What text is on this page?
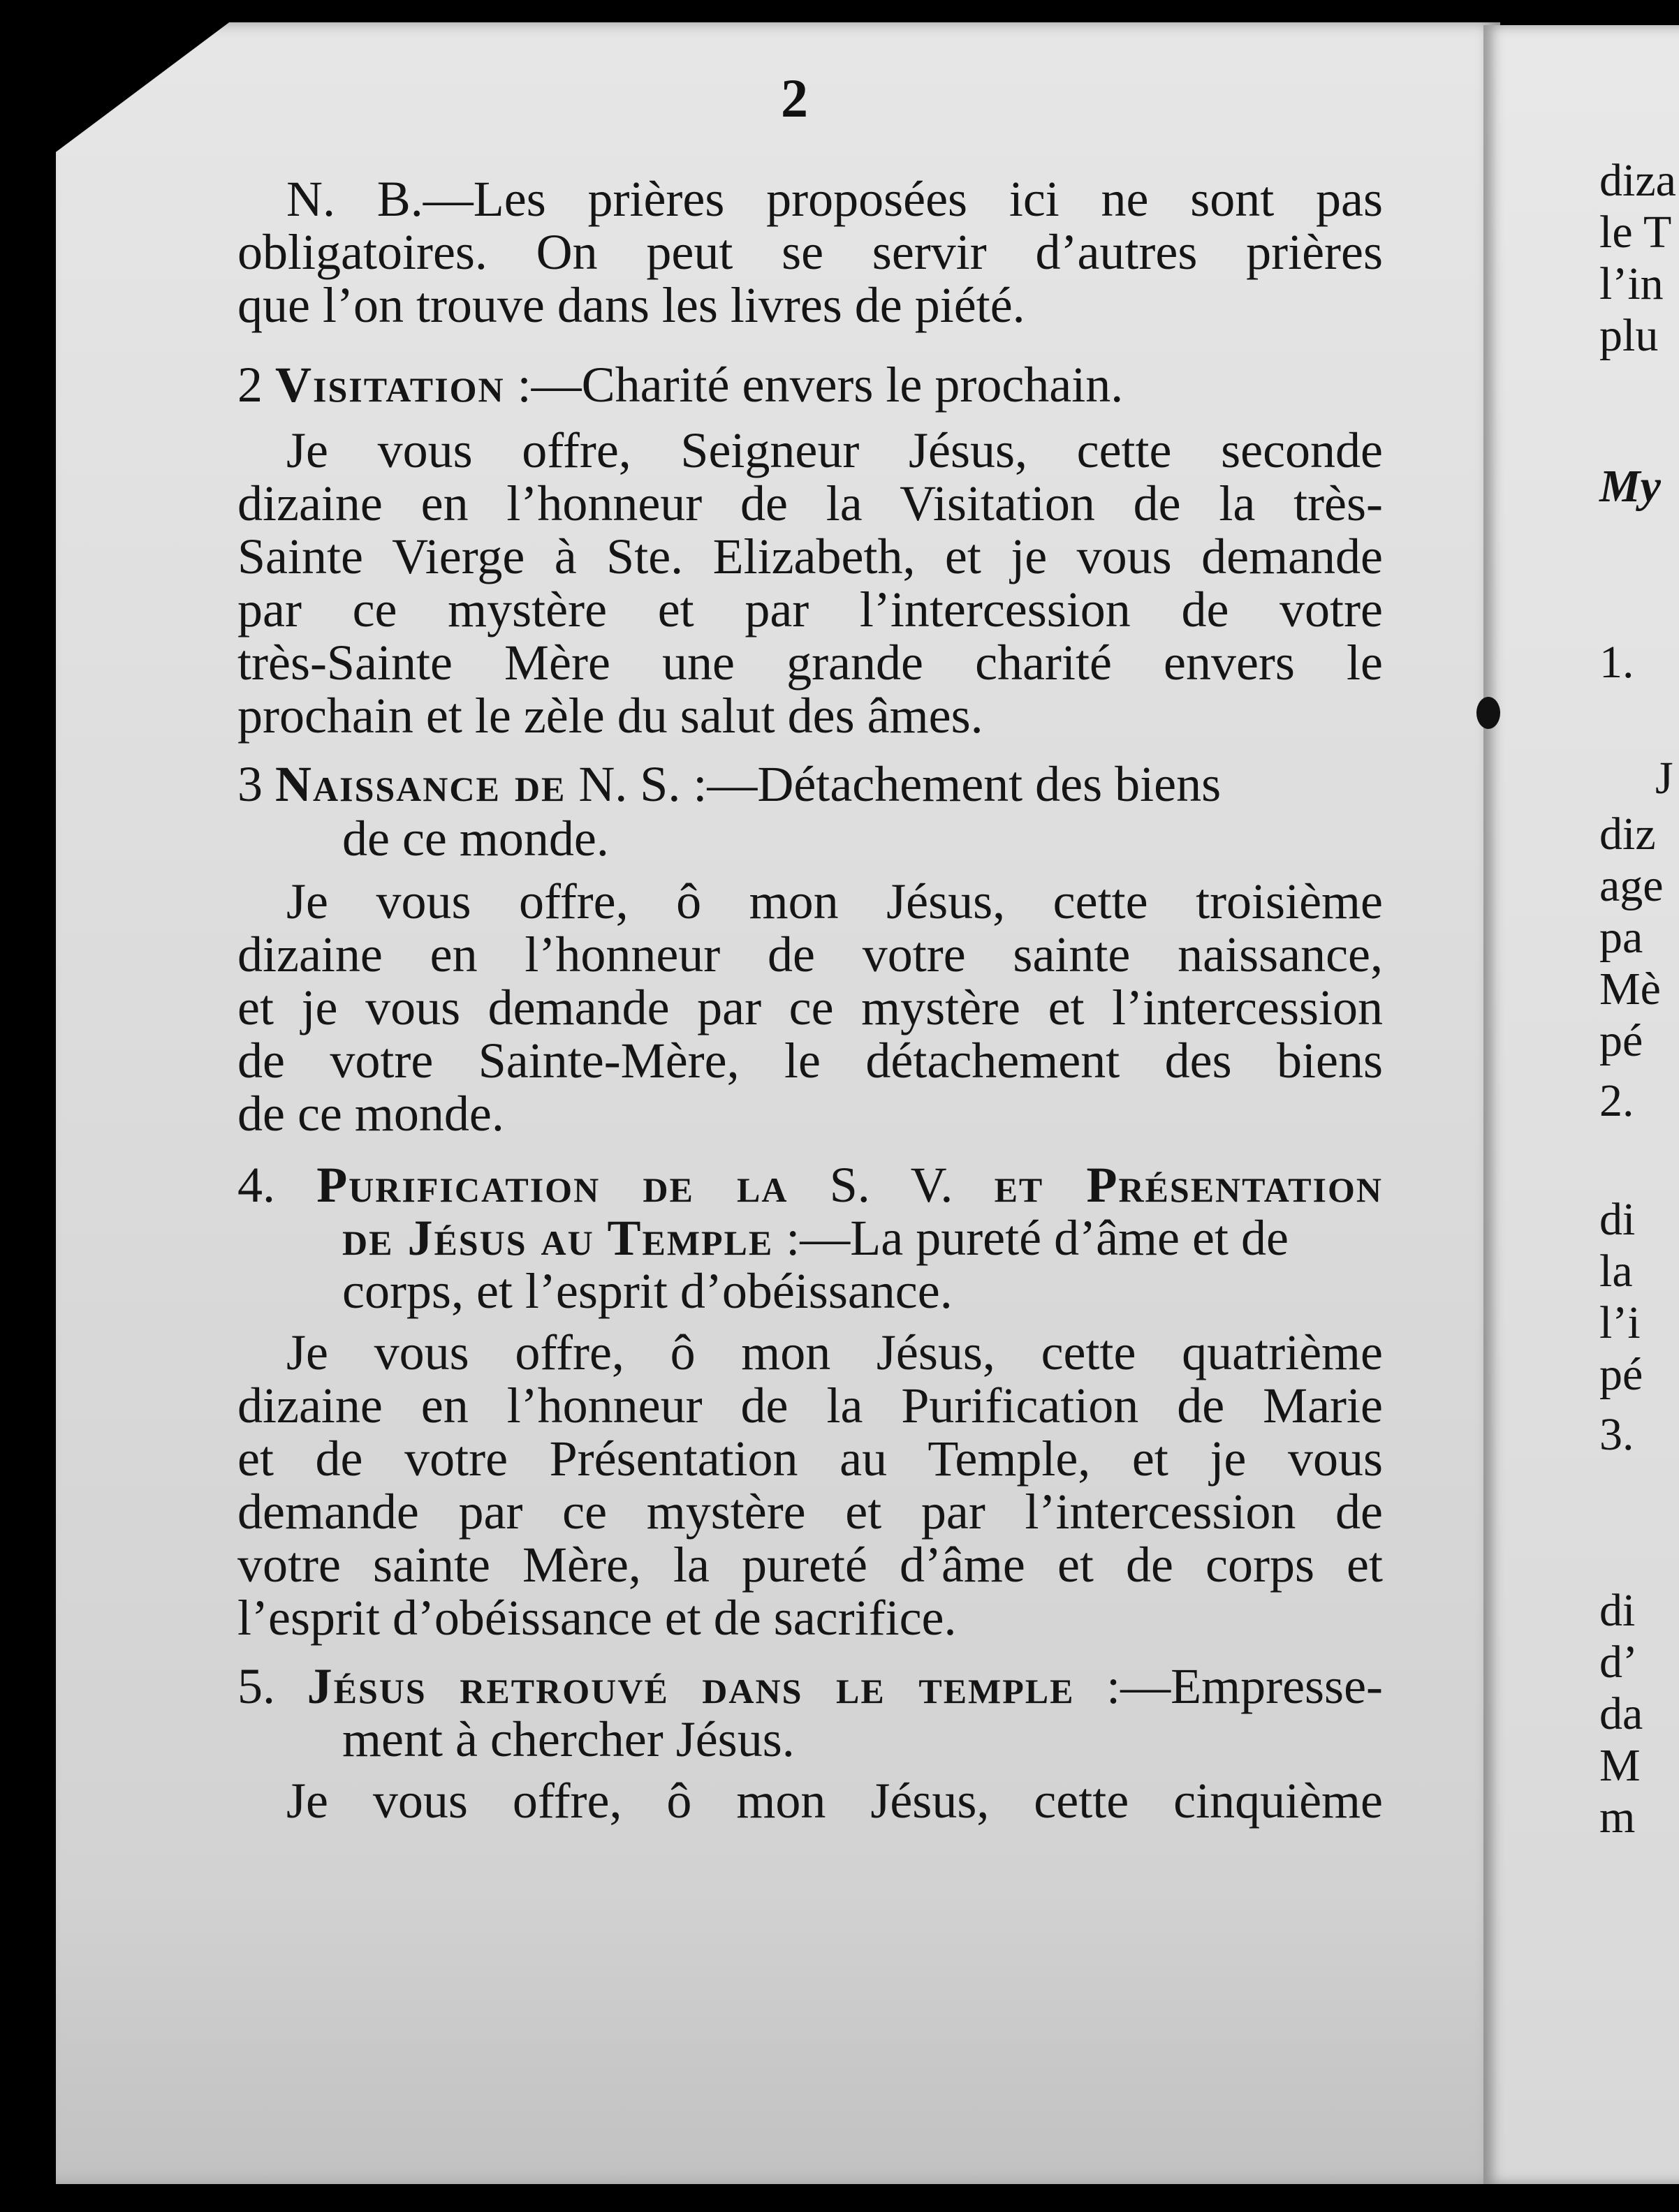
2
N. B.—Les prières proposées ici ne sont pas
obligatoires. On peut se servir d’autres prières
que l’on trouve dans les livres de piété.
2 Visitation :—Charité envers le prochain.
Je vous offre, Seigneur Jésus, cette seconde
dizaine en l’honneur de la Visitation de la très-
Sainte Vierge à Ste. Elizabeth, et je vous demande
par ce mystère et par l’intercession de votre
très-Sainte Mère une grande charité envers le
prochain et le zèle du salut des âmes.
3 Naissance de N. S. :—Détachement des biens
de ce monde.
Je vous offre, ô mon Jésus, cette troisième
dizaine en l’honneur de votre sainte naissance,
et je vous demande par ce mystère et l’intercession
de votre Sainte-Mère, le détachement des biens
de ce monde.
4. Purification de la S. V. et Présentation
de Jésus au Temple :—La pureté d’âme et de
corps, et l’esprit d’obéissance.
Je vous offre, ô mon Jésus, cette quatrième
dizaine en l’honneur de la Purification de Marie
et de votre Présentation au Temple, et je vous
demande par ce mystère et par l’intercession de
votre sainte Mère, la pureté d’âme et de corps et
l’esprit d’obéissance et de sacrifice.
5. Jésus retrouvé dans le temple :—Empresse-
ment à chercher Jésus.
Je vous offre, ô mon Jésus, cette cinquième
diza
le T
l’in
plu
My
1.
J
diz
age
pa
Mè
pé
2.
di
la
l’i
pé
3.
di
d’
da
M
m
